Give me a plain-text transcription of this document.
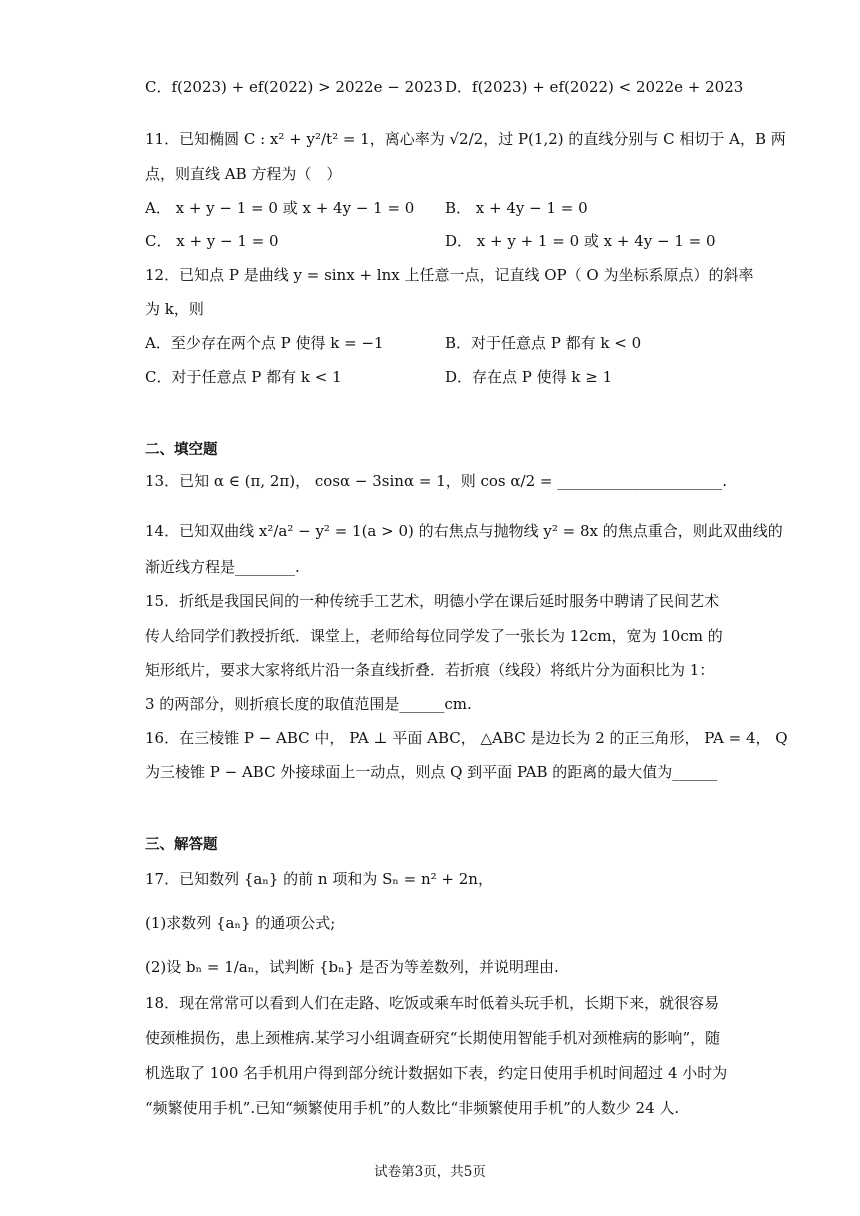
C．f(2023) + ef(2022) > 2022e − 2023 D．f(2023) + ef(2022) < 2022e + 2023
11．已知椭圆 C : x² + y²/t² = 1，离心率为 √2/2，过 P(1,2) 的直线分别与 C 相切于 A，B 两
点，则直线 AB 方程为（　）
A． x + y − 1 = 0 或 x + 4y − 1 = 0 B． x + 4y − 1 = 0
C． x + y − 1 = 0	D． x + y + 1 = 0 或 x + 4y − 1 = 0
12．已知点 P 是曲线 y = sinx + lnx 上任意一点，记直线 OP（ O 为坐标系原点）的斜率
为 k，则
A．至少存在两个点 P 使得 k = −1	B．对于任意点 P 都有 k < 0
C．对于任意点 P 都有 k < 1	D．存在点 P 使得 k ≥ 1
二、填空题
13．已知 α ∈ (π, 2π)， cosα − 3sinα = 1，则 cos α/2 = ______________________.
14．已知双曲线 x²/a² − y² = 1(a > 0) 的右焦点与抛物线 y² = 8x 的焦点重合，则此双曲线的
渐近线方程是________.
15．折纸是我国民间的一种传统手工艺术，明德小学在课后延时服务中聘请了民间艺术
传人给同学们教授折纸．课堂上，老师给每位同学发了一张长为 12cm，宽为 10cm 的
矩形纸片，要求大家将纸片沿一条直线折叠．若折痕（线段）将纸片分为面积比为 1：
3 的两部分，则折痕长度的取值范围是______cm.
16．在三棱锥 P − ABC 中， PA ⊥ 平面 ABC， △ABC 是边长为 2 的正三角形， PA = 4， Q
为三棱锥 P − ABC 外接球面上一动点，则点 Q 到平面 PAB 的距离的最大值为______
三、解答题
17．已知数列 {aₙ} 的前 n 项和为 Sₙ = n² + 2n，
(1)求数列 {aₙ} 的通项公式;
(2)设 bₙ = 1/aₙ，试判断 {bₙ} 是否为等差数列，并说明理由.
18．现在常常可以看到人们在走路、吃饭或乘车时低着头玩手机，长期下来，就很容易
使颈椎损伤，患上颈椎病.某学习小组调查研究“长期使用智能手机对颈椎病的影响”，随
机选取了 100 名手机用户得到部分统计数据如下表，约定日使用手机时间超过 4 小时为
“频繁使用手机”.已知“频繁使用手机”的人数比“非频繁使用手机”的人数少 24 人.
试卷第3页，共5页
